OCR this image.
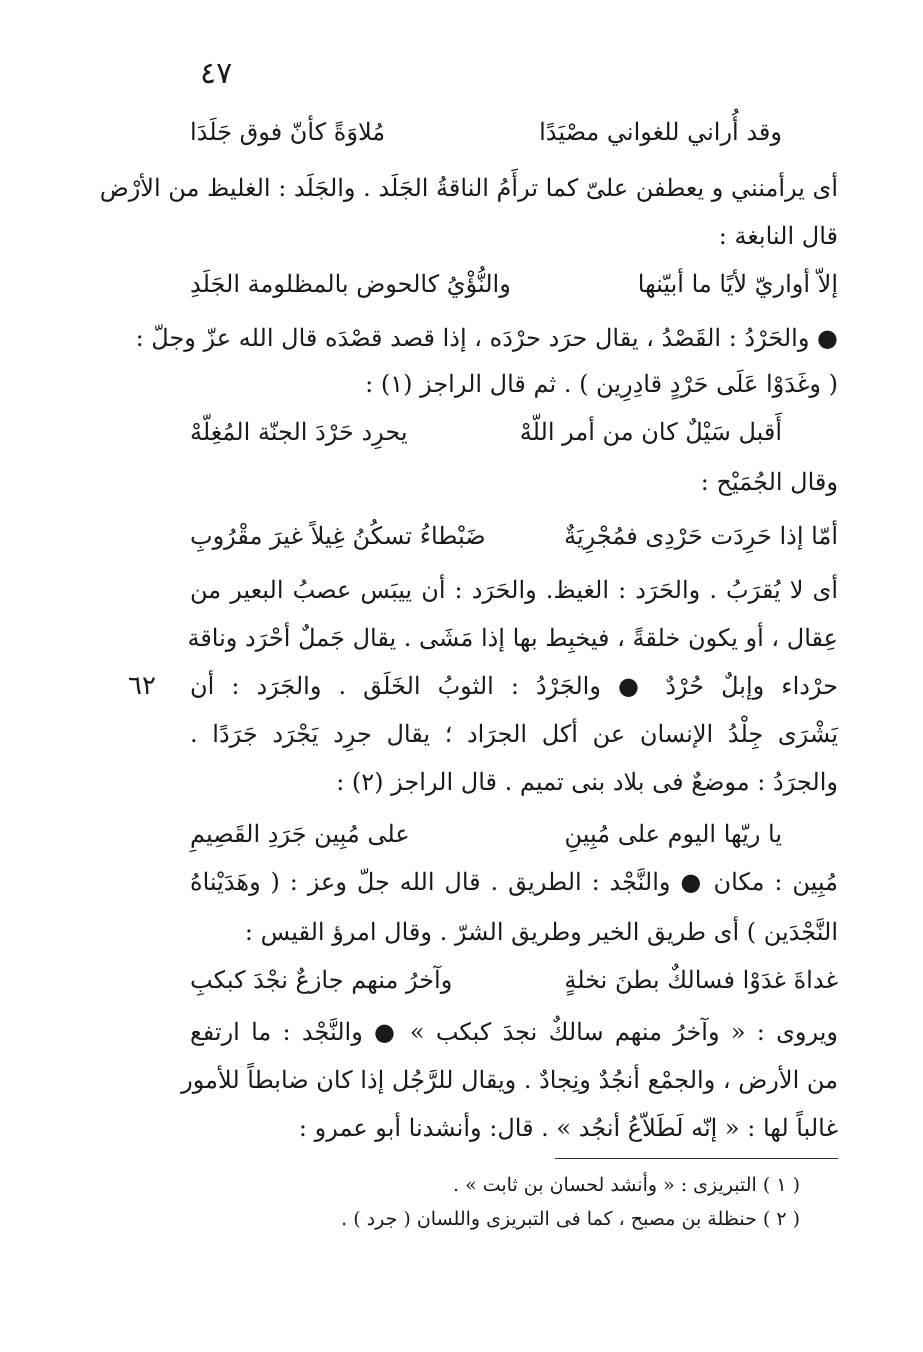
٤٧
وقد أُراني للغواني مصْيَدًا
مُلاوَةً كأنّ فوق جَلَدَا
أى يرأمنني و يعطفن علىّ كما ترأَمُ الناقةُ الجَلَد . والجَلَد : الغليظ من الأرْض
قال النابغة :
إلاّ أواريّ لأيًا ما أبيّنها
والنُّؤْيُ كالحوض بالمظلومة الجَلَدِ
● والحَرْدُ : القَصْدُ ، يقال حرَد حرْدَه ، إذا قصد قصْدَه قال الله عزّ وجلّ :
( وغَدَوْا عَلَى حَرْدٍ قادِرِين ) . ثم قال الراجز (١) :
أَقبل سَيْلٌ كان من أمر اللّهْ
يحرِد حَرْدَ الجنّة المُغِلّهْ
وقال الجُمَيْح :
أمّا إذا حَرِدَت حَرْدِى فمُجْرِيَةٌ
ضَبْطاءُ تسكُنُ غِيلاً غيرَ مقْرُوبِ
أى لا يُقرَبُ . والحَرَد : الغيظ. والحَرَد : أن ييبَس عصبُ البعير من
عِقال ، أو يكون خلقةً ، فيخبِط بها إذا مَشَى . يقال جَملٌ أحْرَد وناقة
حرْداء وإبلٌ حُرْدٌ ● والجَرْدُ : الثوبُ الخَلَق . والجَرَد : أن
٦٢
يَشْرَى جِلْدُ الإنسان عن أكل الجرَاد ؛ يقال جرِد يَجْرَد جَرَدًا .
والجرَدُ : موضعٌ فى بلاد بنى تميم . قال الراجز (٢) :
يا ريّها اليوم على مُبِينِ
على مُبِين جَرَدِ القَصِيمِ
مُبِين : مكان ● والنَّجْد : الطريق . قال الله جلّ وعز : ( وهَدَيْناهُ
النَّجْدَين ) أى طريق الخير وطريق الشرّ . وقال امرؤ القيس :
غداةَ غدَوْا فسالكٌ بطنَ نخلةٍ
وآخرُ منهم جازعٌ نجْدَ كبكبِ
ويروى : « وآخرُ منهم سالكٌ نجدَ كبكب » ● والنَّجْد : ما ارتفع
من الأرض ، والجمْع أنجُدٌ ونِجادٌ . ويقال للرَّجُل إذا كان ضابطاً للأمور
غالباً لها : « إنّه لَطَلاّعُ أنجُد » . قال: وأنشدنا أبو عمرو :
( ١ ) التبريزى : « وأنشد لحسان بن ثابت » .
( ٢ ) حنظلة بن مصبح ، كما فى التبريزى واللسان ( جرد ) .
